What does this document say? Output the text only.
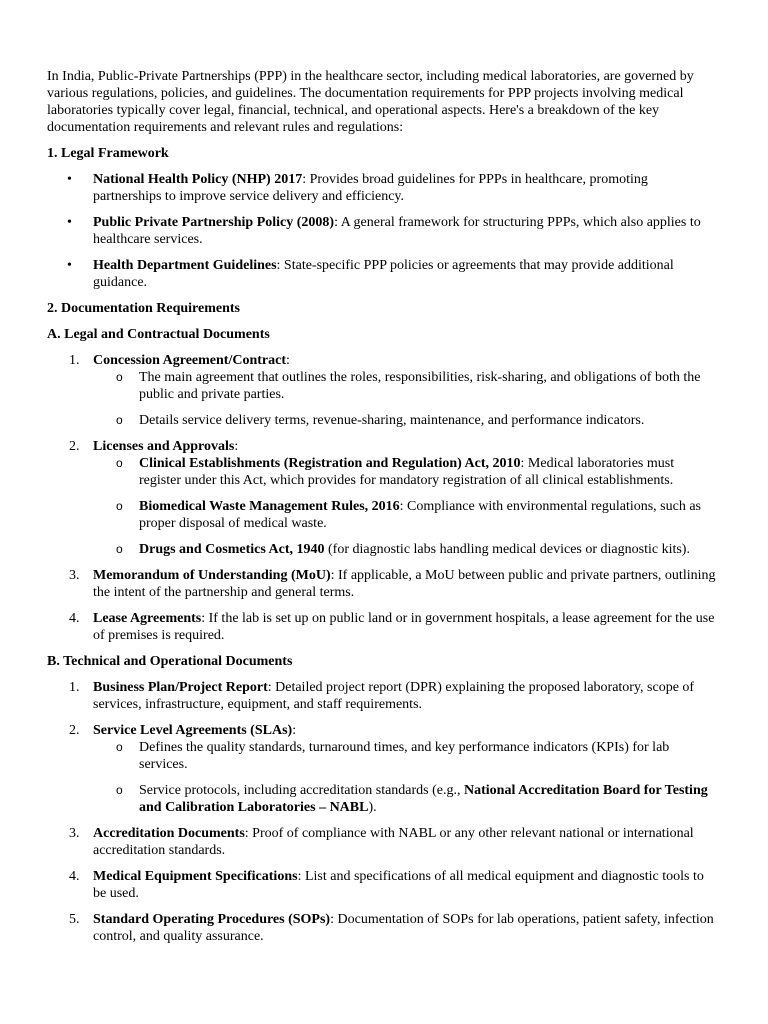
In India, Public-Private Partnerships (PPP) in the healthcare sector, including medical laboratories, are governed by various regulations, policies, and guidelines. The documentation requirements for PPP projects involving medical laboratories typically cover legal, financial, technical, and operational aspects. Here's a breakdown of the key documentation requirements and relevant rules and regulations:

1. Legal Framework

•	National Health Policy (NHP) 2017: Provides broad guidelines for PPPs in healthcare, promoting partnerships to improve service delivery and efficiency.
•	Public Private Partnership Policy (2008): A general framework for structuring PPPs, which also applies to healthcare services.
•	Health Department Guidelines: State-specific PPP policies or agreements that may provide additional guidance.

2. Documentation Requirements

A. Legal and Contractual Documents

1. Concession Agreement/Contract:
o	The main agreement that outlines the roles, responsibilities, risk-sharing, and obligations of both the public and private parties.
o	Details service delivery terms, revenue-sharing, maintenance, and performance indicators.
2. Licenses and Approvals:
o	Clinical Establishments (Registration and Regulation) Act, 2010: Medical laboratories must register under this Act, which provides for mandatory registration of all clinical establishments.
o	Biomedical Waste Management Rules, 2016: Compliance with environmental regulations, such as proper disposal of medical waste.
o	Drugs and Cosmetics Act, 1940 (for diagnostic labs handling medical devices or diagnostic kits).
3. Memorandum of Understanding (MoU): If applicable, a MoU between public and private partners, outlining the intent of the partnership and general terms.
4. Lease Agreements: If the lab is set up on public land or in government hospitals, a lease agreement for the use of premises is required.

B. Technical and Operational Documents

1. Business Plan/Project Report: Detailed project report (DPR) explaining the proposed laboratory, scope of services, infrastructure, equipment, and staff requirements.
2. Service Level Agreements (SLAs):
o	Defines the quality standards, turnaround times, and key performance indicators (KPIs) for lab services.
o	Service protocols, including accreditation standards (e.g., National Accreditation Board for Testing and Calibration Laboratories – NABL).
3. Accreditation Documents: Proof of compliance with NABL or any other relevant national or international accreditation standards.
4. Medical Equipment Specifications: List and specifications of all medical equipment and diagnostic tools to be used.
5. Standard Operating Procedures (SOPs): Documentation of SOPs for lab operations, patient safety, infection control, and quality assurance.
